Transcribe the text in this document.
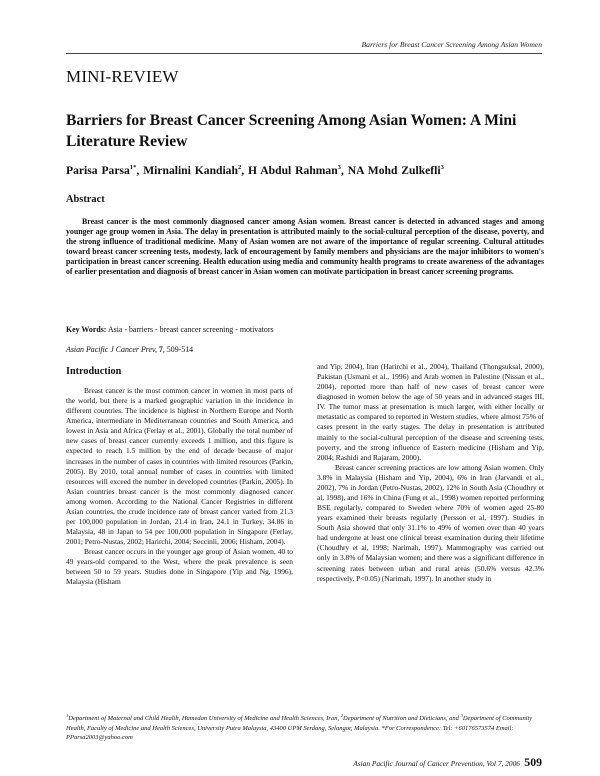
Barriers for Breast Cancer Screening Among Asian Women
MINI-REVIEW
Barriers for Breast Cancer Screening Among Asian Women: A Mini Literature Review
Parisa Parsa$^{1*}$, Mirnalini Kandiah$^2$, H Abdul Rahman$^3$, NA Mohd Zulkefli$^3$
Abstract

Breast cancer is the most commonly diagnosed cancer among Asian women. Breast cancer is detected in advanced stages and among younger age group women in Asia. The delay in presentation is attributed mainly to the social-cultural perception of the disease, poverty, and the strong influence of traditional medicine. Many of Asian women are not aware of the importance of regular screening. Cultural attitudes toward breast cancer screening tests, modesty, lack of encouragement by family members and physicians are the major inhibitors to women's participation in breast cancer screening. Health education using media and community health programs to create awareness of the advantages of earlier presentation and diagnosis of breast cancer in Asian women can motivate participation in breast cancer screening programs.

Key Words: Asia - barriers - breast cancer screening - motivators
Asian Pacific J Cancer Prev, 7, 509-514
Introduction

Breast cancer is the most common cancer in women in most parts of the world, but there is a marked geographic variation in the incidence in different countries. The incidence is highest in Northern Europe and North America, intermediate in Mediterranean countries and South America, and lowest in Asia and Africa (Ferlay et al., 2001). Globally the total number of new cases of breast cancer currently exceeds 1 million, and this figure is expected to reach 1.5 million by the end of decade because of major increases in the number of cases in countries with limited resources (Parkin, 2005). By 2010, total annual number of cases in countries with limited resources will exceed the number in developed countries (Parkin, 2005). In Asian countries breast cancer is the most commonly diagnosed cancer among women. According to the National Cancer Registries in different Asian countries, the crude incidence rate of breast cancer varied from 21.3 per 100,000 population in Jordan, 21.4 in Iran, 24.1 in Turkey, 34.86 in Malaysia, 48 in Japan to 54 per 100,000 population in Singapore (Ferlay, 2001; Petro-Nustas, 2002; Harirchi, 2004; Seccinli, 2006; Hisham, 2004).

Breast cancer occurs in the younger age group of Asian women, 40 to 49 years-old compared to the West, where the peak prevalence is seen between 50 to 59 years. Studies done in Singapore (Yip and Ng, 1996), Malaysia (Hisham

and Yip, 2004), Iran (Harirchi et al., 2004), Thailand (Thongsuksal, 2000), Pakistan (Usmani et al., 1996) and Arab women in Palestine (Nissan et al., 2004), reported more than half of new cases of breast cancer were diagnosed in women below the age of 50 years and in advanced stages III, IV. The tumor mass at presentation is much larger, with either locally or metastatic as compared to reported in Western studies, where almost 75% of cases present in the early stages. The delay in presentation is attributed mainly to the social-cultural perception of the disease and screening tests, poverty, and the strong influence of Eastern medicine (Hisham and Yip, 2004; Rashidi and Rajaram, 2000).

Breast cancer screening practices are low among Asian women. Only 3.8% in Malaysia (Hisham and Yip, 2004), 6% in Iran (Jarvandi et al., 2002), 7% in Jordan (Petro-Nustas, 2002), 12% in South Asia (Choudhry et al, 1998), and 16% in China (Fung et al., 1998) women reported performing BSE regularly, compared to Sweden where 70% of women aged 25-80 years examined their breasts regularly (Persson et al, 1997). Studies in South Asia showed that only 31.1% to 49% of women over than 40 years had undergone at least one clinical breast examination during their lifetime (Choudhry et al, 1998; Narimah, 1997). Mammography was carried out only in 3.8% of Malaysian women; and there was a significant difference in screening rates between urban and rural areas (50.6% versus 42.3% respectively, P<0.05) (Narimah, 1997). In another study in

$^1$Department of Maternal and Child Health, Hamedan University of Medicine and Health Sciences, Iran, $^2$Department of Nutrition and Dieticians, and $^3$Department of Community Health, Faculty of Medicine and Health Sciences, University Putra Malaysia, 43400 UPM Serdang, Selangor, Malaysia. *For Correspondence: Tel: +60176573574 Email: PParsa2003@yahoo.com

Asian Pacific Journal of Cancer Prevention, Vol 7, 2006 509
